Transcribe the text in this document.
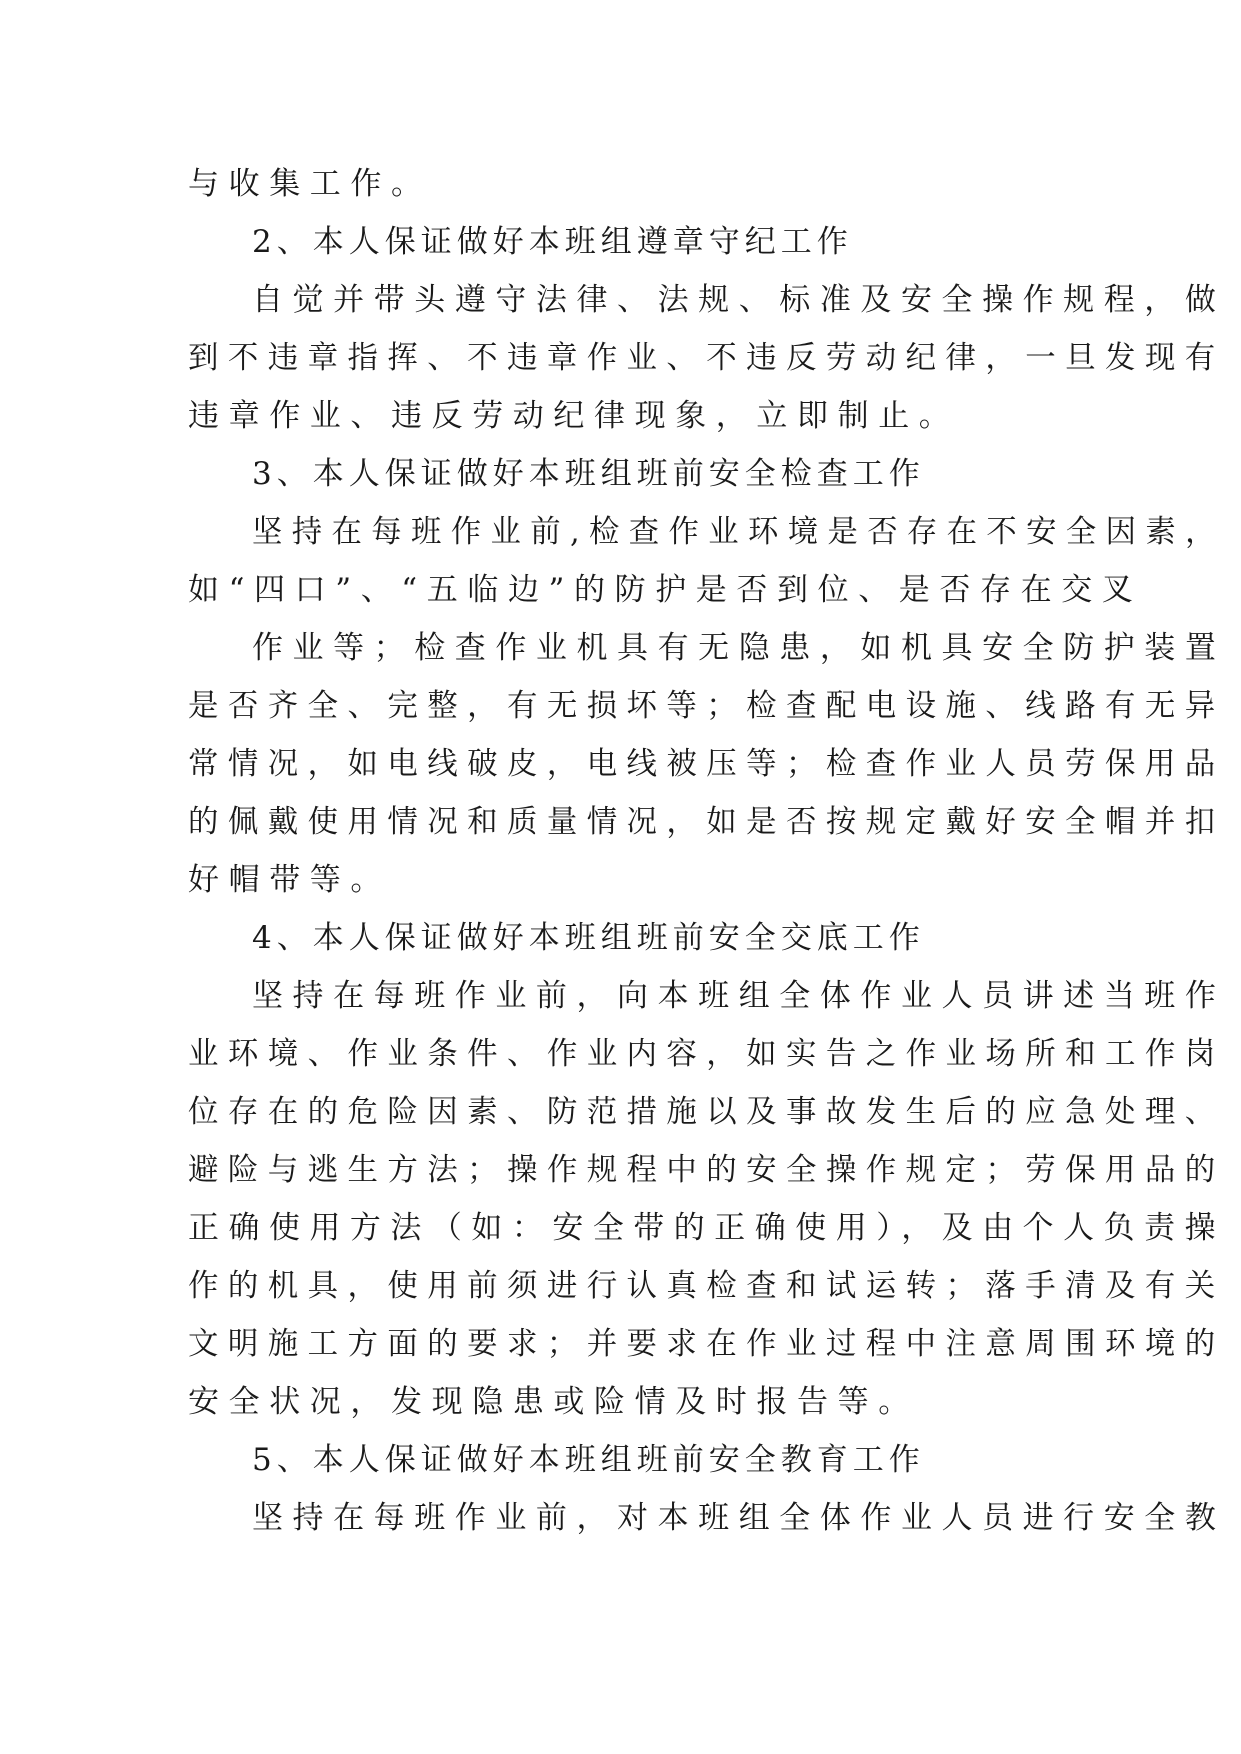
与收集工作。
2、本人保证做好本班组遵章守纪工作
自觉并带头遵守法律、法规、标准及安全操作规程，做
到不违章指挥、不违章作业、不违反劳动纪律，一旦发现有
违章作业、违反劳动纪律现象，立即制止。
3、本人保证做好本班组班前安全检查工作
坚持在每班作业前,检查作业环境是否存在不安全因素，
如“四口”、“五临边”的防护是否到位、是否存在交叉
作业等；检查作业机具有无隐患，如机具安全防护装置
是否齐全、完整，有无损坏等；检查配电设施、线路有无异
常情况，如电线破皮，电线被压等；检查作业人员劳保用品
的佩戴使用情况和质量情况，如是否按规定戴好安全帽并扣
好帽带等。
4、本人保证做好本班组班前安全交底工作
坚持在每班作业前，向本班组全体作业人员讲述当班作
业环境、作业条件、作业内容，如实告之作业场所和工作岗
位存在的危险因素、防范措施以及事故发生后的应急处理、
避险与逃生方法；操作规程中的安全操作规定；劳保用品的
正确使用方法（如：安全带的正确使用），及由个人负责操
作的机具，使用前须进行认真检查和试运转；落手清及有关
文明施工方面的要求；并要求在作业过程中注意周围环境的
安全状况，发现隐患或险情及时报告等。
5、本人保证做好本班组班前安全教育工作
坚持在每班作业前，对本班组全体作业人员进行安全教
